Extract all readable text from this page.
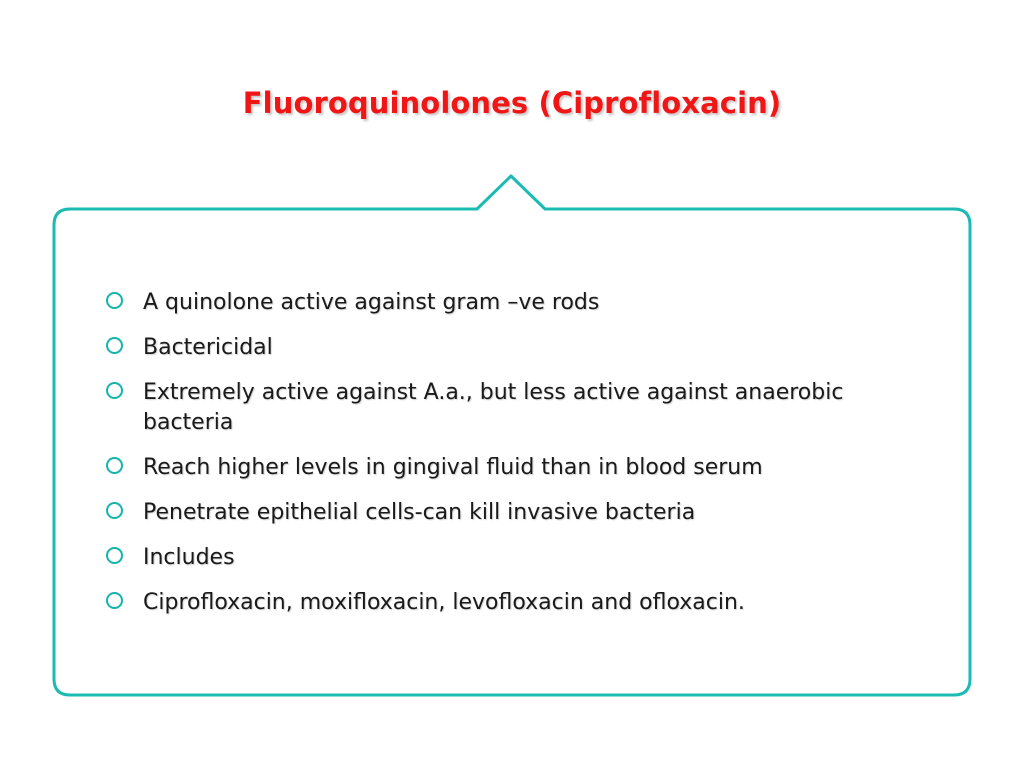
Fluoroquinolones (Ciprofloxacin)
A quinolone active against gram –ve rods
Bactericidal
Extremely active against A.a., but less active against anaerobic bacteria
Reach higher levels in gingival fluid than in blood serum
Penetrate epithelial cells-can kill invasive bacteria
Includes
Ciprofloxacin, moxifloxacin, levofloxacin and ofloxacin.
